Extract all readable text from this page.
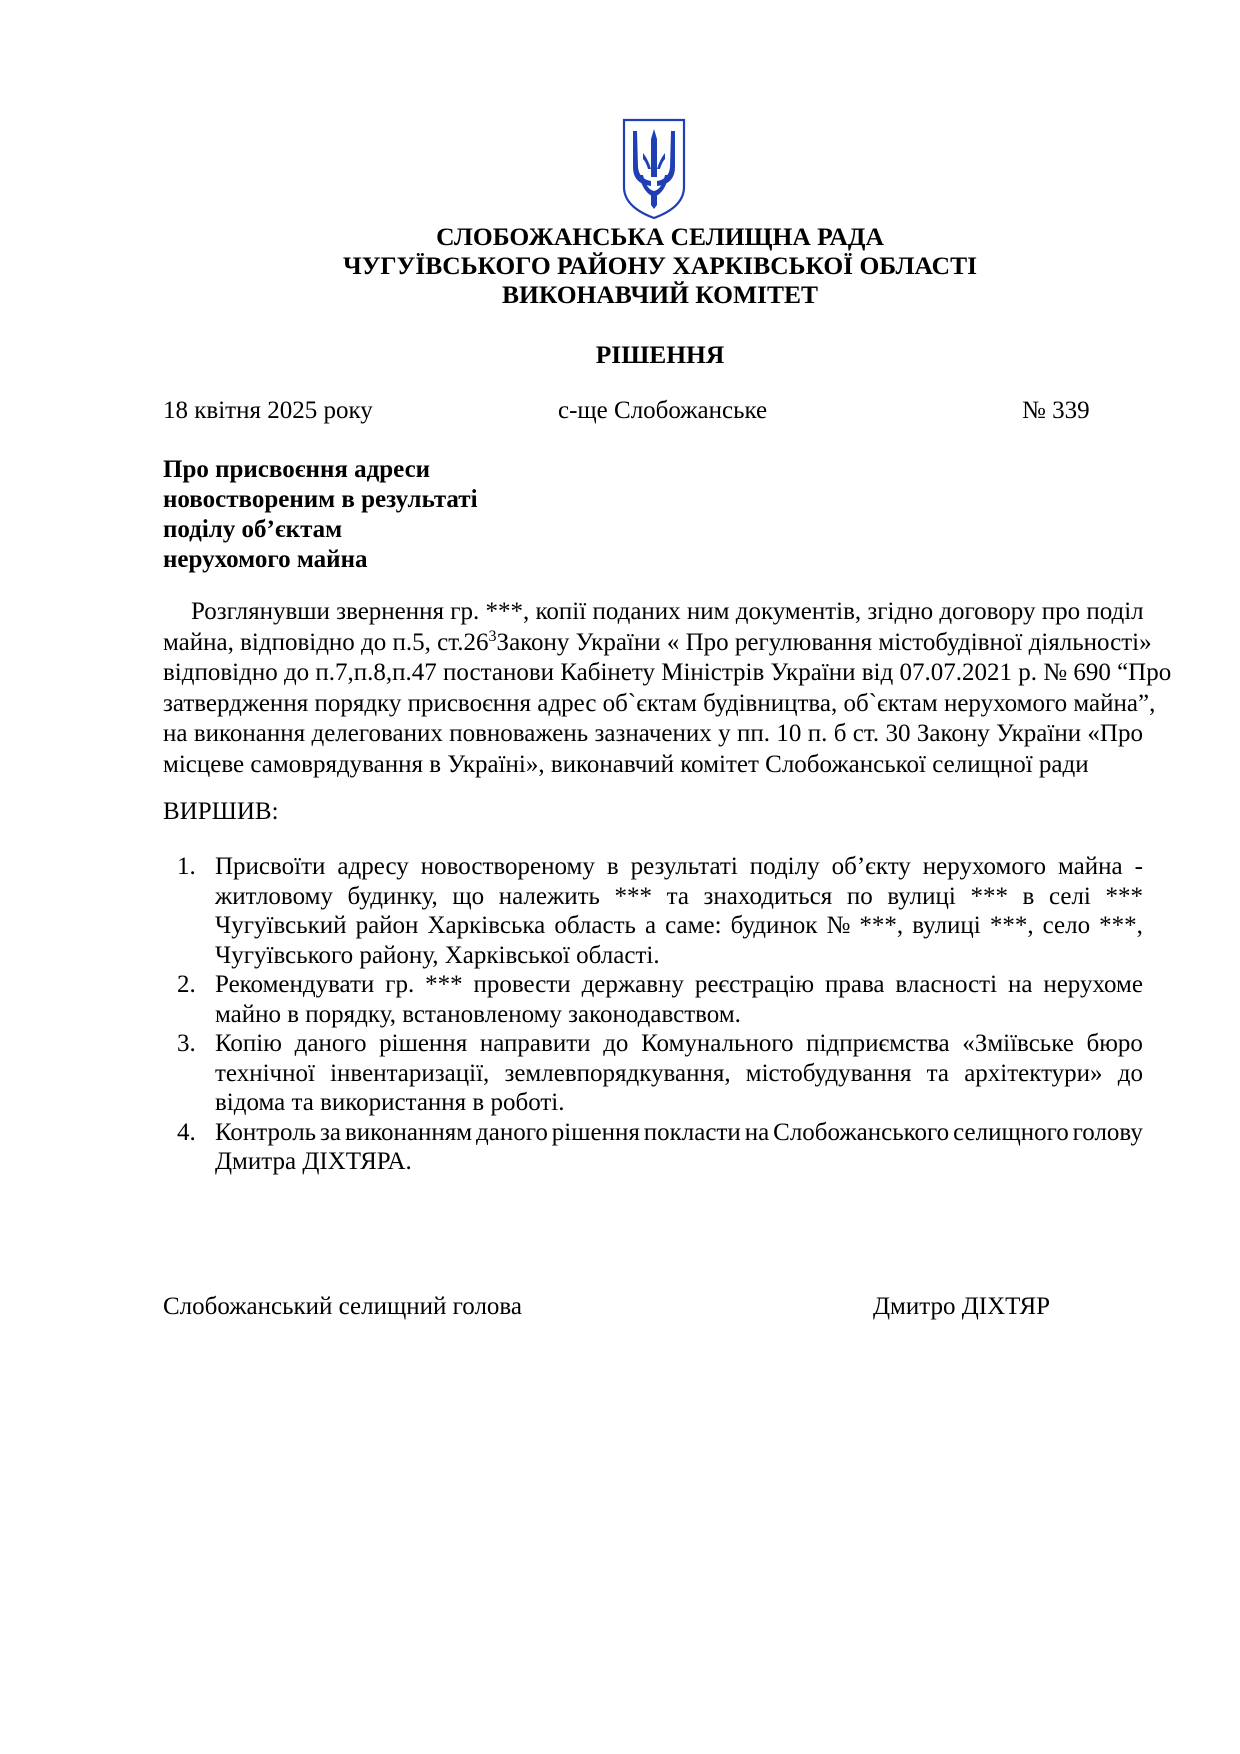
СЛОБОЖАНСЬКА СЕЛИЩНА РАДА
ЧУГУЇВСЬКОГО РАЙОНУ ХАРКІВСЬКОЇ ОБЛАСТІ
ВИКОНАВЧИЙ КОМІТЕТ
РІШЕННЯ
18 квітня 2025 року	с-ще Слобожанське	№ 339
Про присвоєння адреси
новоствореним в результаті
поділу об’єктам
нерухомого майна
Розглянувши звернення гр. ***, копії поданих ним документів, згідно договору про поділ
майна, відповідно до п.5, $ст.26^3$ Закону України « Про регулювання містобудівної діяльності»
відповідно до п.7,п.8,п.47 постанови Кабінету Міністрів України від 07.07.2021 р. № 690 “Про
затвердження порядку присвоєння адрес об`єктам будівництва, об`єктам нерухомого майна”,
на виконання делегованих повноважень зазначених у пп. 10 п. б ст. 30 Закону України «Про
місцеве самоврядування в Україні», виконавчий комітет Слобожанської селищної ради
ВИРШИВ:
1. Присвоїти адресу новоствореному в результаті поділу об’єкту нерухомого майна -
житловому будинку, що належить *** та знаходиться по вулиці *** в селі ***
Чугуївський район Харківська область а саме: будинок № ***, вулиці ***, село ***,
Чугуївського району, Харківської області.
2. Рекомендувати гр. *** провести державну реєстрацію права власності на нерухоме
майно в порядку, встановленому законодавством.
3. Копію даного рішення направити до Комунального підприємства «Зміївське бюро
технічної інвентаризації, землевпорядкування, містобудування та архітектури» до
відома та використання в роботі.
4. Контроль за виконанням даного рішення покласти на Слобожанського селищного голову
Дмитра ДІХТЯРА.
Слобожанський селищний голова	Дмитро ДІХТЯР
